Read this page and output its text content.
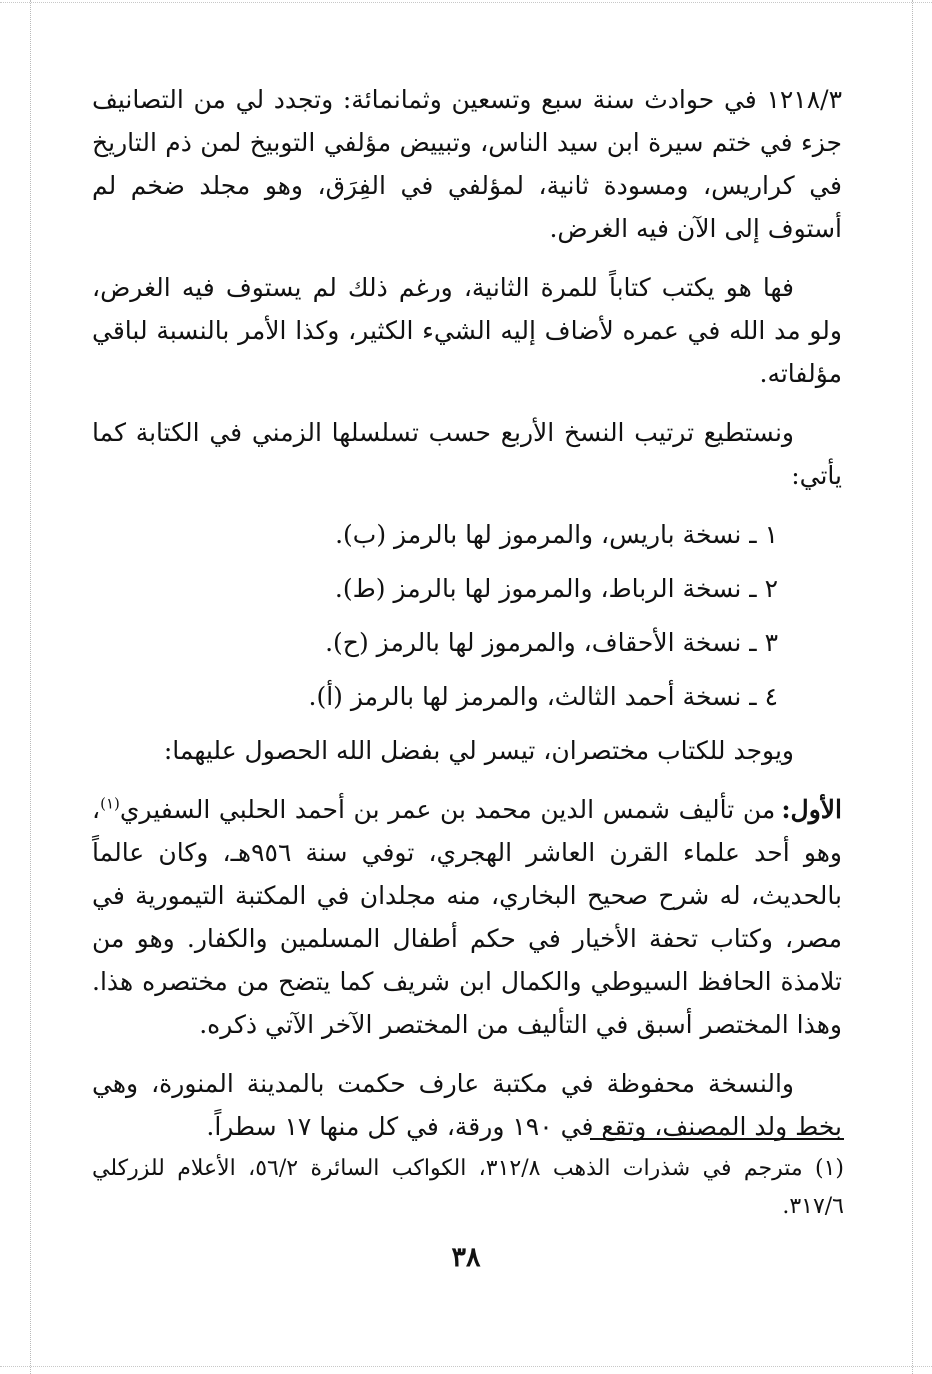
١٢١٨/٣ في حوادث سنة سبع وتسعين وثمانمائة: وتجدد لي من التصانيف جزء في ختم سيرة ابن سيد الناس، وتبييض مؤلفي التوبيخ لمن ذم التاريخ في كراريس، ومسودة ثانية، لمؤلفي في الفِرَق، وهو مجلد ضخم لم أستوف إلى الآن فيه الغرض.

فها هو يكتب كتاباً للمرة الثانية، ورغم ذلك لم يستوف فيه الغرض، ولو مد الله في عمره لأضاف إليه الشيء الكثير، وكذا الأمر بالنسبة لباقي مؤلفاته.

ونستطيع ترتيب النسخ الأربع حسب تسلسلها الزمني في الكتابة كما يأتي:

١ ـ نسخة باريس، والمرموز لها بالرمز (ب).
٢ ـ نسخة الرباط، والمرموز لها بالرمز (ط).
٣ ـ نسخة الأحقاف، والمرموز لها بالرمز (ح).
٤ ـ نسخة أحمد الثالث، والمرمز لها بالرمز (أ).

ويوجد للكتاب مختصران، تيسر لي بفضل الله الحصول عليهما:

الأول:من تأليف شمس الدين محمد بن عمر بن أحمد الحلبي السفيري$^{(١)}$، وهو أحد علماء القرن العاشر الهجري، توفي سنة ٩٥٦هـ، وكان عالماً بالحديث، له شرح صحيح البخاري، منه مجلدان في المكتبة التيمورية في مصر، وكتاب تحفة الأخيار في حكم أطفال المسلمين والكفار. وهو من تلامذة الحافظ السيوطي والكمال ابن شريف كما يتضح من مختصره هذا. وهذا المختصر أسبق في التأليف من المختصر الآخر الآتي ذكره.

والنسخة محفوظة في مكتبة عارف حكمت بالمدينة المنورة، وهي بخط ولد المصنف، وتقع في ١٩٠ ورقة، في كل منها ١٧ سطراً.

(١) مترجم في شذرات الذهب ٣١٢/٨، الكواكب السائرة ٥٦/٢، الأعلام للزركلي ٣١٧/٦.
٣٨
